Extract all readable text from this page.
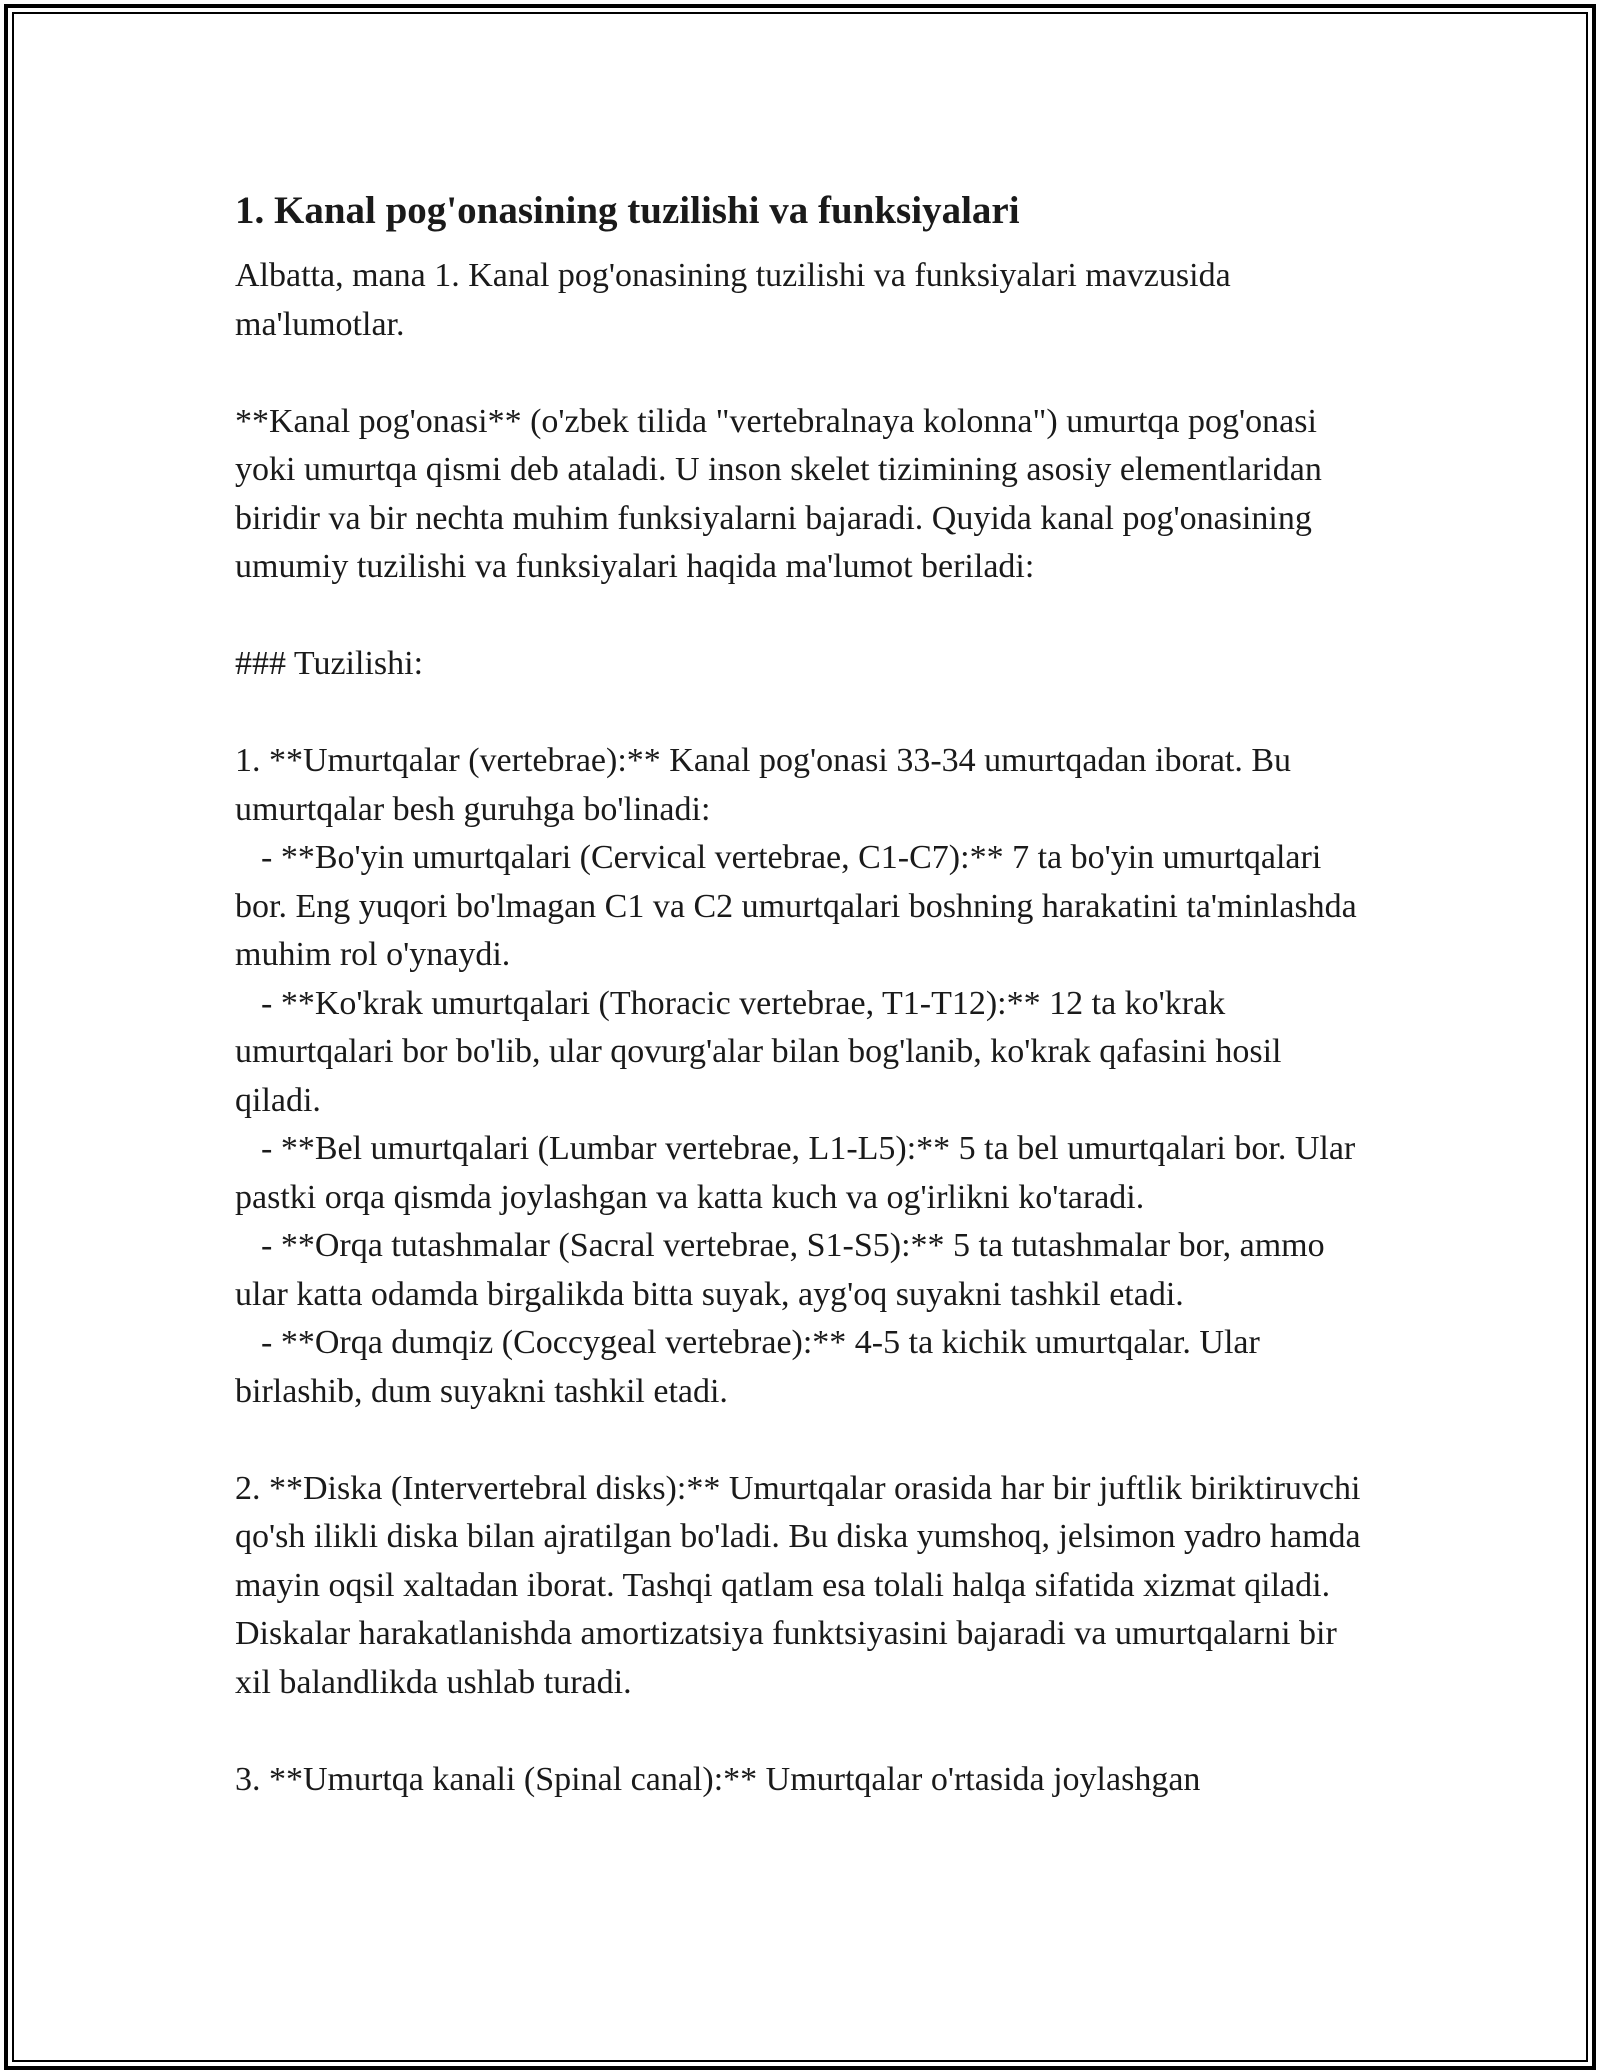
1. Kanal pog'onasining tuzilishi va funksiyalari

Albatta, mana 1. Kanal pog'onasining tuzilishi va funksiyalari mavzusida ma'lumotlar.

**Kanal pog'onasi** (o'zbek tilida "vertebralnaya kolonna") umurtqa pog'onasi yoki umurtqa qismi deb ataladi. U inson skelet tizimining asosiy elementlaridan biridir va bir nechta muhim funksiyalarni bajaradi. Quyida kanal pog'onasining umumiy tuzilishi va funksiyalari haqida ma'lumot beriladi:

### Tuzilishi:

1. **Umurtqalar (vertebrae):** Kanal pog'onasi 33-34 umurtqadan iborat. Bu umurtqalar besh guruhga bo'linadi:

- **Bo'yin umurtqalari (Cervical vertebrae, C1-C7):** 7 ta bo'yin umurtqalari bor. Eng yuqori bo'lmagan C1 va C2 umurtqalari boshning harakatini ta'minlashda muhim rol o'ynaydi.

- **Ko'krak umurtqalari (Thoracic vertebrae, T1-T12):** 12 ta ko'krak umurtqalari bor bo'lib, ular qovurg'alar bilan bog'lanib, ko'krak qafasini hosil qiladi.

- **Bel umurtqalari (Lumbar vertebrae, L1-L5):** 5 ta bel umurtqalari bor. Ular pastki orqa qismda joylashgan va katta kuch va og'irlikni ko'taradi.

- **Orqa tutashmalar (Sacral vertebrae, S1-S5):** 5 ta tutashmalar bor, ammo ular katta odamda birgalikda bitta suyak, ayg'oq suyakni tashkil etadi.

- **Orqa dumqiz (Coccygeal vertebrae):** 4-5 ta kichik umurtqalar. Ular birlashib, dum suyakni tashkil etadi.

2. **Diska (Intervertebral disks):** Umurtqalar orasida har bir juftlik biriktiruvchi qo'sh ilikli diska bilan ajratilgan bo'ladi. Bu diska yumshoq, jelsimon yadro hamda mayin oqsil xaltadan iborat. Tashqi qatlam esa tolali halqa sifatida xizmat qiladi. Diskalar harakatlanishda amortizatsiya funktsiyasini bajaradi va umurtqalarni bir xil balandlikda ushlab turadi.

3. **Umurtqa kanali (Spinal canal):** Umurtqalar o'rtasida joylashgan
